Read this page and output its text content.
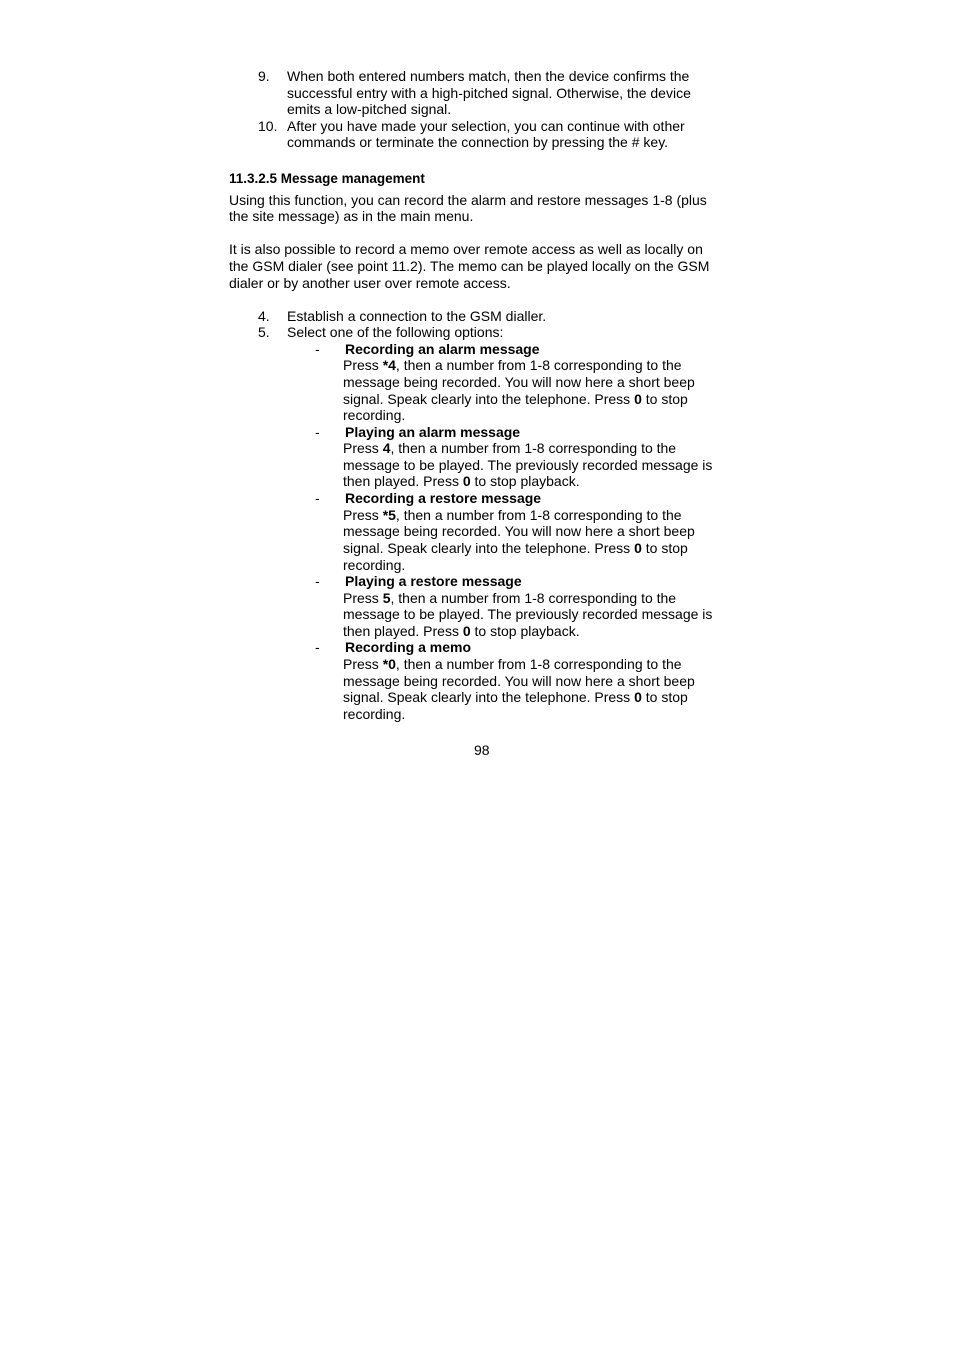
9. When both entered numbers match, then the device confirms the
successful entry with a high-pitched signal. Otherwise, the device
emits a low-pitched signal.
10. After you have made your selection, you can continue with other
commands or terminate the connection by pressing the # key.
11.3.2.5 Message management
Using this function, you can record the alarm and restore messages 1-8 (plus
the site message) as in the main menu.
It is also possible to record a memo over remote access as well as locally on
the GSM dialer (see point 11.2). The memo can be played locally on the GSM
dialer or by another user over remote access.
4. Establish a connection to the GSM dialler.
5. Select one of the following options:
- Recording an alarm message
Press *4, then a number from 1-8 corresponding to the
message being recorded. You will now here a short beep
signal. Speak clearly into the telephone. Press 0 to stop
recording.
- Playing an alarm message
Press 4, then a number from 1-8 corresponding to the
message to be played. The previously recorded message is
then played. Press 0 to stop playback.
- Recording a restore message
Press *5, then a number from 1-8 corresponding to the
message being recorded. You will now here a short beep
signal. Speak clearly into the telephone. Press 0 to stop
recording.
- Playing a restore message
Press 5, then a number from 1-8 corresponding to the
message to be played. The previously recorded message is
then played. Press 0 to stop playback.
- Recording a memo
Press *0, then a number from 1-8 corresponding to the
message being recorded. You will now here a short beep
signal. Speak clearly into the telephone. Press 0 to stop
recording.
98
